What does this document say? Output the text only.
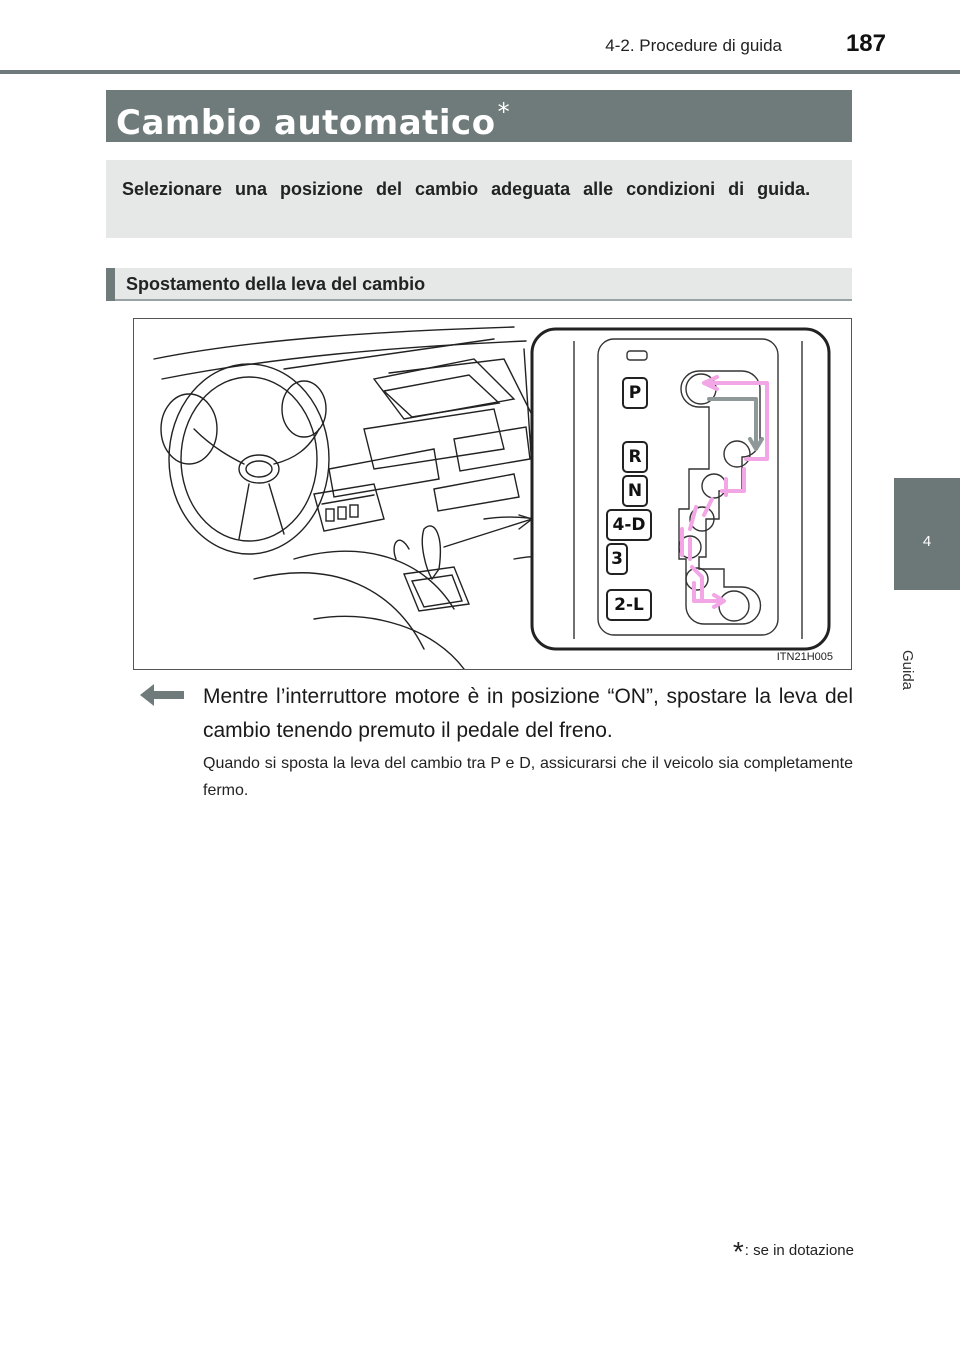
4-2. Procedure di guida	187
4
Guida
Cambio automatico*

Selezionare una posizione del cambio adeguata alle condizioni di guida.

Spostamento della leva del cambio
P
R
N
4-D
3
2-L
ITN21H005

Mentre l’interruttore motore è in posizione “ON”, spostare la leva del cambio tenendo premuto il pedale del freno.

Quando si sposta la leva del cambio tra P e D, assicurarsi che il veicolo sia completamente fermo.

*: se in dotazione
